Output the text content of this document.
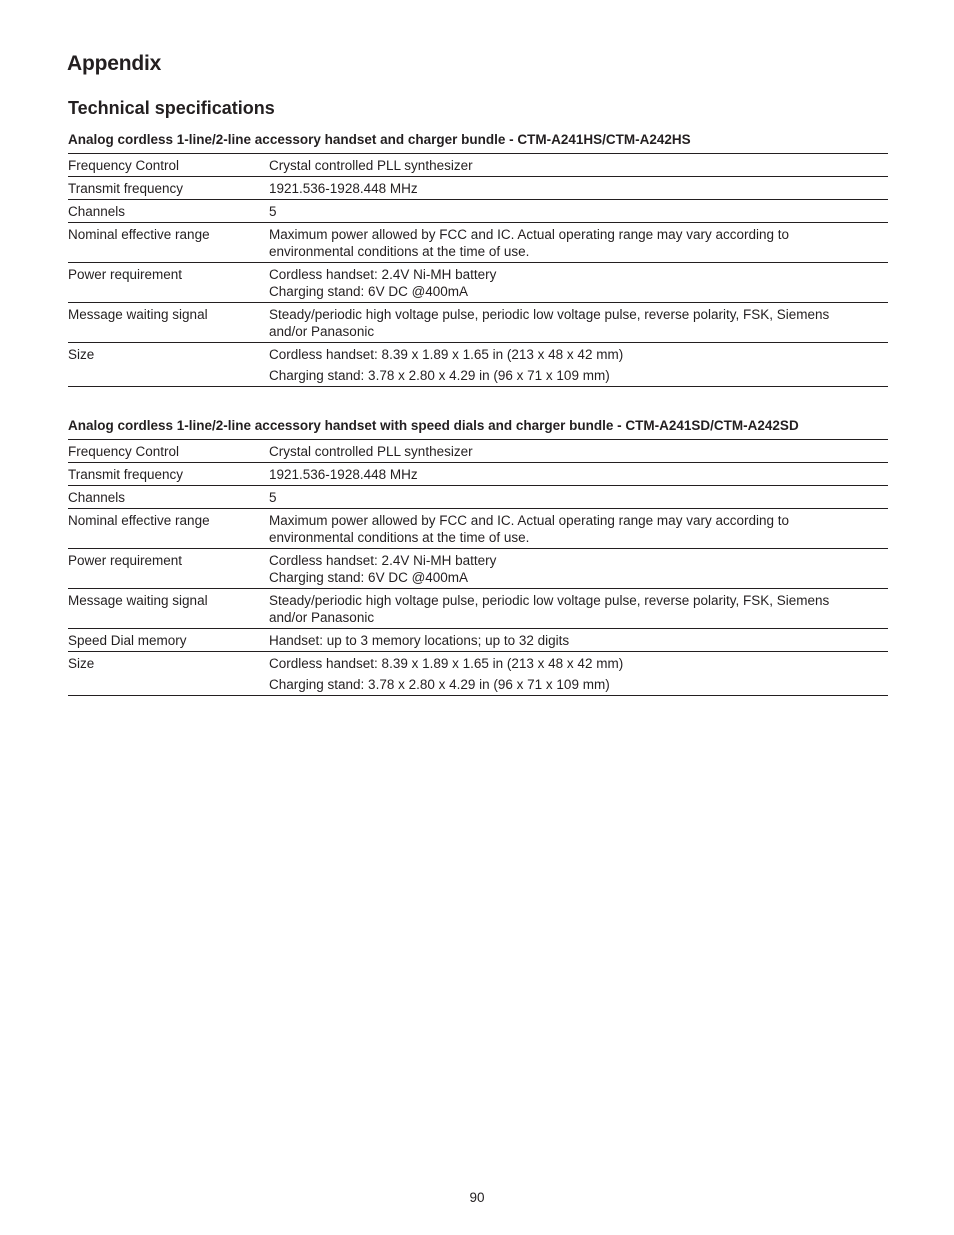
Appendix
Technical specifications

Analog cordless 1-line/2-line accessory handset and charger bundle - CTM-A241HS/CTM-A242HS

Frequency Control	Crystal controlled PLL synthesizer
Transmit frequency	1921.536-1928.448 MHz
Channels	5
Nominal effective range	Maximum power allowed by FCC and IC. Actual operating range may vary according to
environmental conditions at the time of use.
Power requirement	Cordless handset: 2.4V Ni-MH battery
Charging stand: 6V DC @400mA
Message waiting signal	Steady/periodic high voltage pulse, periodic low voltage pulse, reverse polarity, FSK, Siemens
and/or Panasonic
Size	Cordless handset: 8.39 x 1.89 x 1.65 in (213 x 48 x 42 mm)
Charging stand: 3.78 x 2.80 x 4.29 in (96 x 71 x 109 mm)

Analog cordless 1-line/2-line accessory handset with speed dials and charger bundle - CTM-A241SD/CTM-A242SD

Frequency Control	Crystal controlled PLL synthesizer
Transmit frequency	1921.536-1928.448 MHz
Channels	5
Nominal effective range	Maximum power allowed by FCC and IC. Actual operating range may vary according to
environmental conditions at the time of use.
Power requirement	Cordless handset: 2.4V Ni-MH battery
Charging stand: 6V DC @400mA
Message waiting signal	Steady/periodic high voltage pulse, periodic low voltage pulse, reverse polarity, FSK, Siemens
and/or Panasonic
Speed Dial memory	Handset: up to 3 memory locations; up to 32 digits
Size	Cordless handset: 8.39 x 1.89 x 1.65 in (213 x 48 x 42 mm)
Charging stand: 3.78 x 2.80 x 4.29 in (96 x 71 x 109 mm)
90
